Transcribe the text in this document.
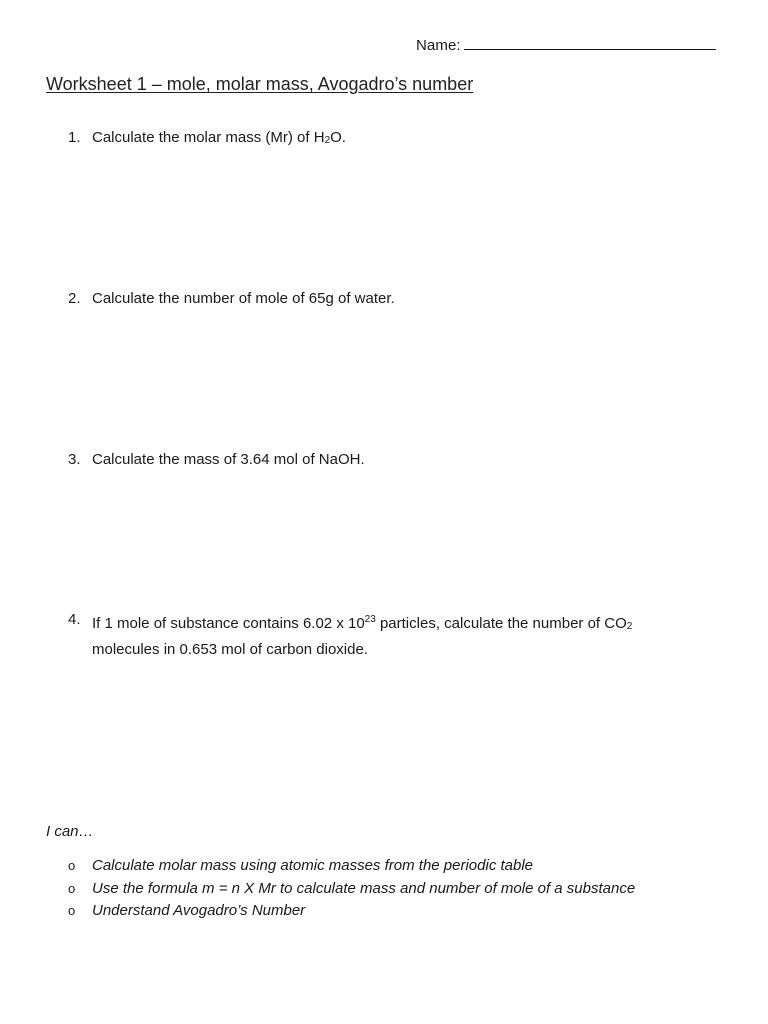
Name:
Worksheet 1 – mole, molar mass, Avogadro’s number
1. Calculate the molar mass (Mr) of $H_2O$.
2. Calculate the number of mole of 65g of water.
3. Calculate the mass of 3.64 mol of NaOH.
4. If 1 mole of substance contains 6.02 x $10^{23}$ particles, calculate the number of $CO_2$
molecules in 0.653 mol of carbon dioxide.
I can…
o Calculate molar mass using atomic masses from the periodic table
o Use the formula m = n X Mr to calculate mass and number of mole of a substance
o Understand Avogadro’s Number
